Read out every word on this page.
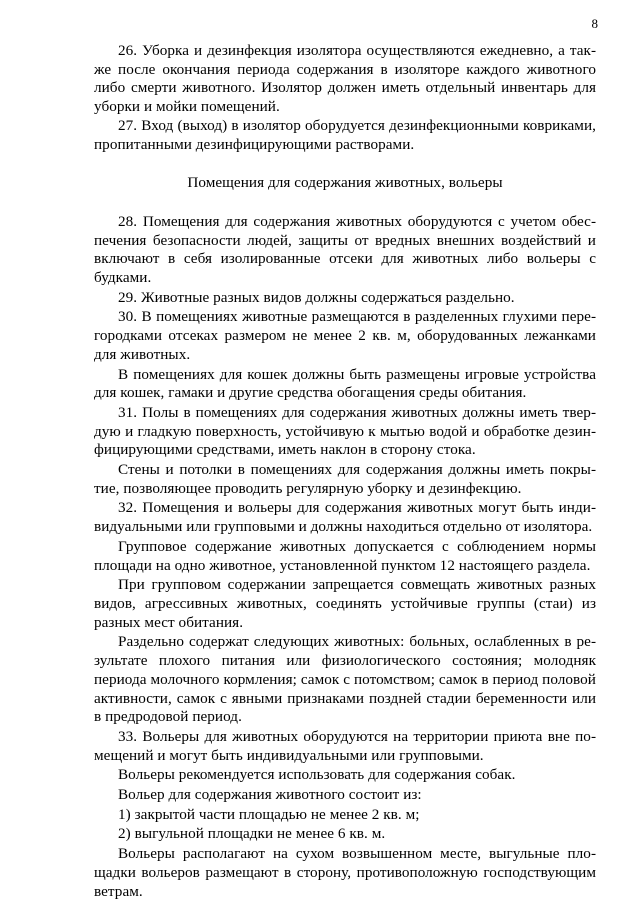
8

26. Уборка и дезинфекция изолятора осуществляются ежедневно, а также после окончания периода содержания в изоляторе каждого животного либо смерти животного. Изолятор должен иметь отдельный инвентарь для уборки и мойки помещений.

27. Вход (выход) в изолятор оборудуется дезинфекционными ковриками, пропитанными дезинфицирующими растворами.

Помещения для содержания животных, вольеры

28. Помещения для содержания животных оборудуются с учетом обеспечения безопасности людей, защиты от вредных внешних воздействий и включают в себя изолированные отсеки для животных либо вольеры с будками.

29. Животные разных видов должны содержаться раздельно.

30. В помещениях животные размещаются в разделенных глухими перегородками отсеках размером не менее 2 кв. м, оборудованных лежанками для животных.

В помещениях для кошек должны быть размещены игровые устройства для кошек, гамаки и другие средства обогащения среды обитания.

31. Полы в помещениях для содержания животных должны иметь твердую и гладкую поверхность, устойчивую к мытью водой и обработке дезинфицирующими средствами, иметь наклон в сторону стока.

Стены и потолки в помещениях для содержания должны иметь покрытие, позволяющее проводить регулярную уборку и дезинфекцию.

32. Помещения и вольеры для содержания животных могут быть индивидуальными или групповыми и должны находиться отдельно от изолятора.

Групповое содержание животных допускается с соблюдением нормы площади на одно животное, установленной пунктом 12 настоящего раздела.

При групповом содержании запрещается совмещать животных разных видов, агрессивных животных, соединять устойчивые группы (стаи) из разных мест обитания.

Раздельно содержат следующих животных: больных, ослабленных в результате плохого питания или физиологического состояния; молодняк периода молочного кормления; самок с потомством; самок в период половой активности, самок с явными признаками поздней стадии беременности или в предродовой период.

33. Вольеры для животных оборудуются на территории приюта вне помещений и могут быть индивидуальными или групповыми.

Вольеры рекомендуется использовать для содержания собак.

Вольер для содержания животного состоит из:

1) закрытой части площадью не менее 2 кв. м;

2) выгульной площадки не менее 6 кв. м.

Вольеры располагают на сухом возвышенном месте, выгульные площадки вольеров размещают в сторону, противоположную господствующим ветрам.
